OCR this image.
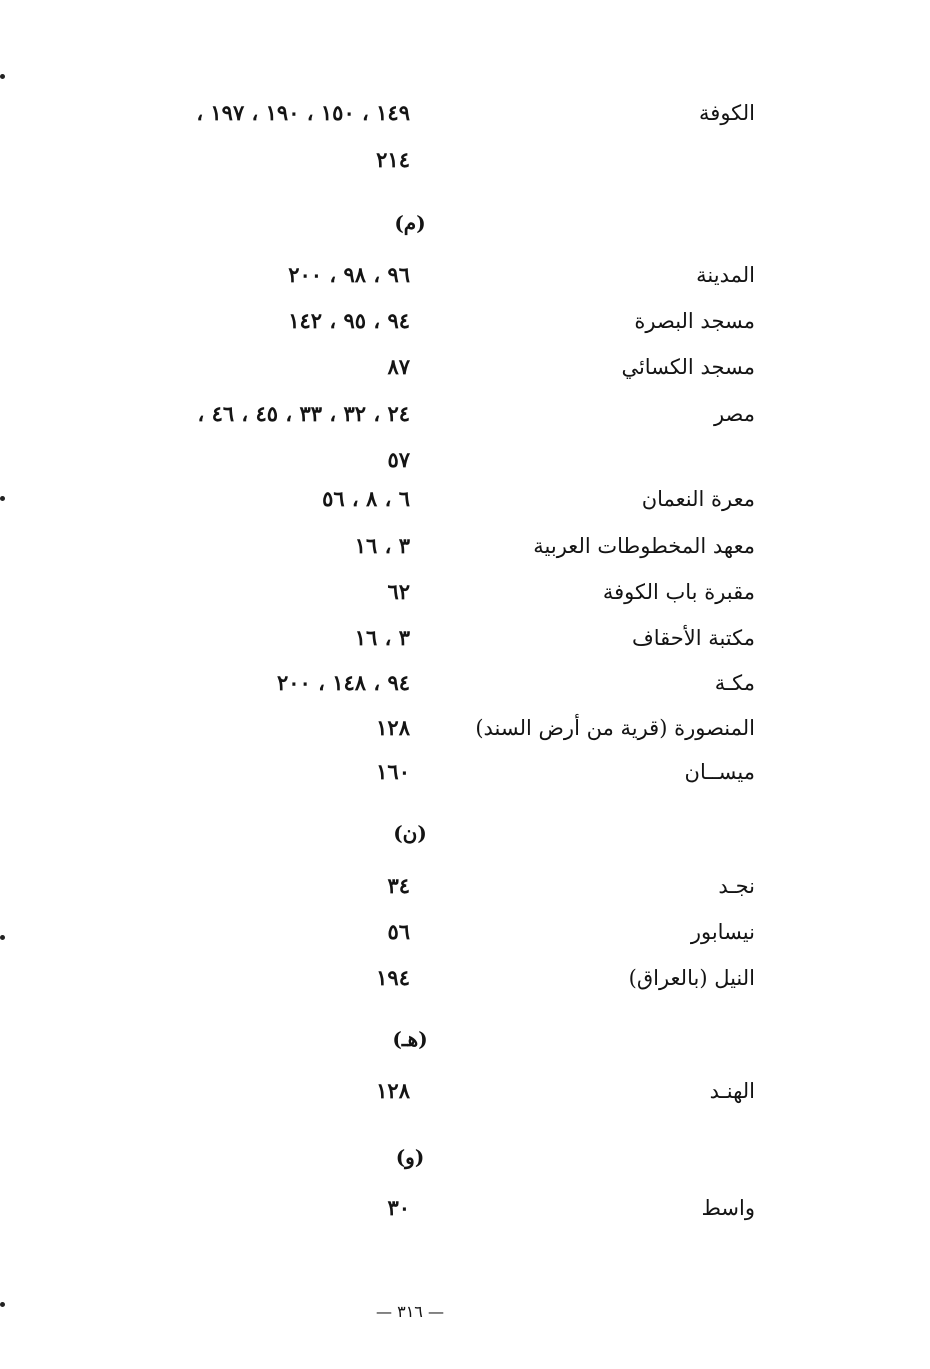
الكوفة
١٤٩ ، ١٥٠ ، ١٩٠ ، ١٩٧ ،
٢١٤
(م)
المدينة
٩٦ ، ٩٨ ، ٢٠٠
مسجد البصرة
٩٤ ، ٩٥ ، ١٤٢
مسجد الكسائي
٨٧
مصر
٢٤ ، ٣٢ ، ٣٣ ، ٤٥ ، ٤٦ ،
٥٧
معرة النعمان
٦ ، ٨ ، ٥٦
معهد المخطوطات العربية
٣ ، ١٦
مقبرة باب الكوفة
٦٢
مكتبة الأحقاف
٣ ، ١٦
مكـة
٩٤ ، ١٤٨ ، ٢٠٠
المنصورة (قرية من أرض السند)
١٢٨
ميســان
١٦٠
(ن)
نجـد
٣٤
نيسابور
٥٦
النيل (بالعراق)
١٩٤
(هـ)
الهنـد
١٢٨
(و)
واسط
٣٠
— ٣١٦ —
